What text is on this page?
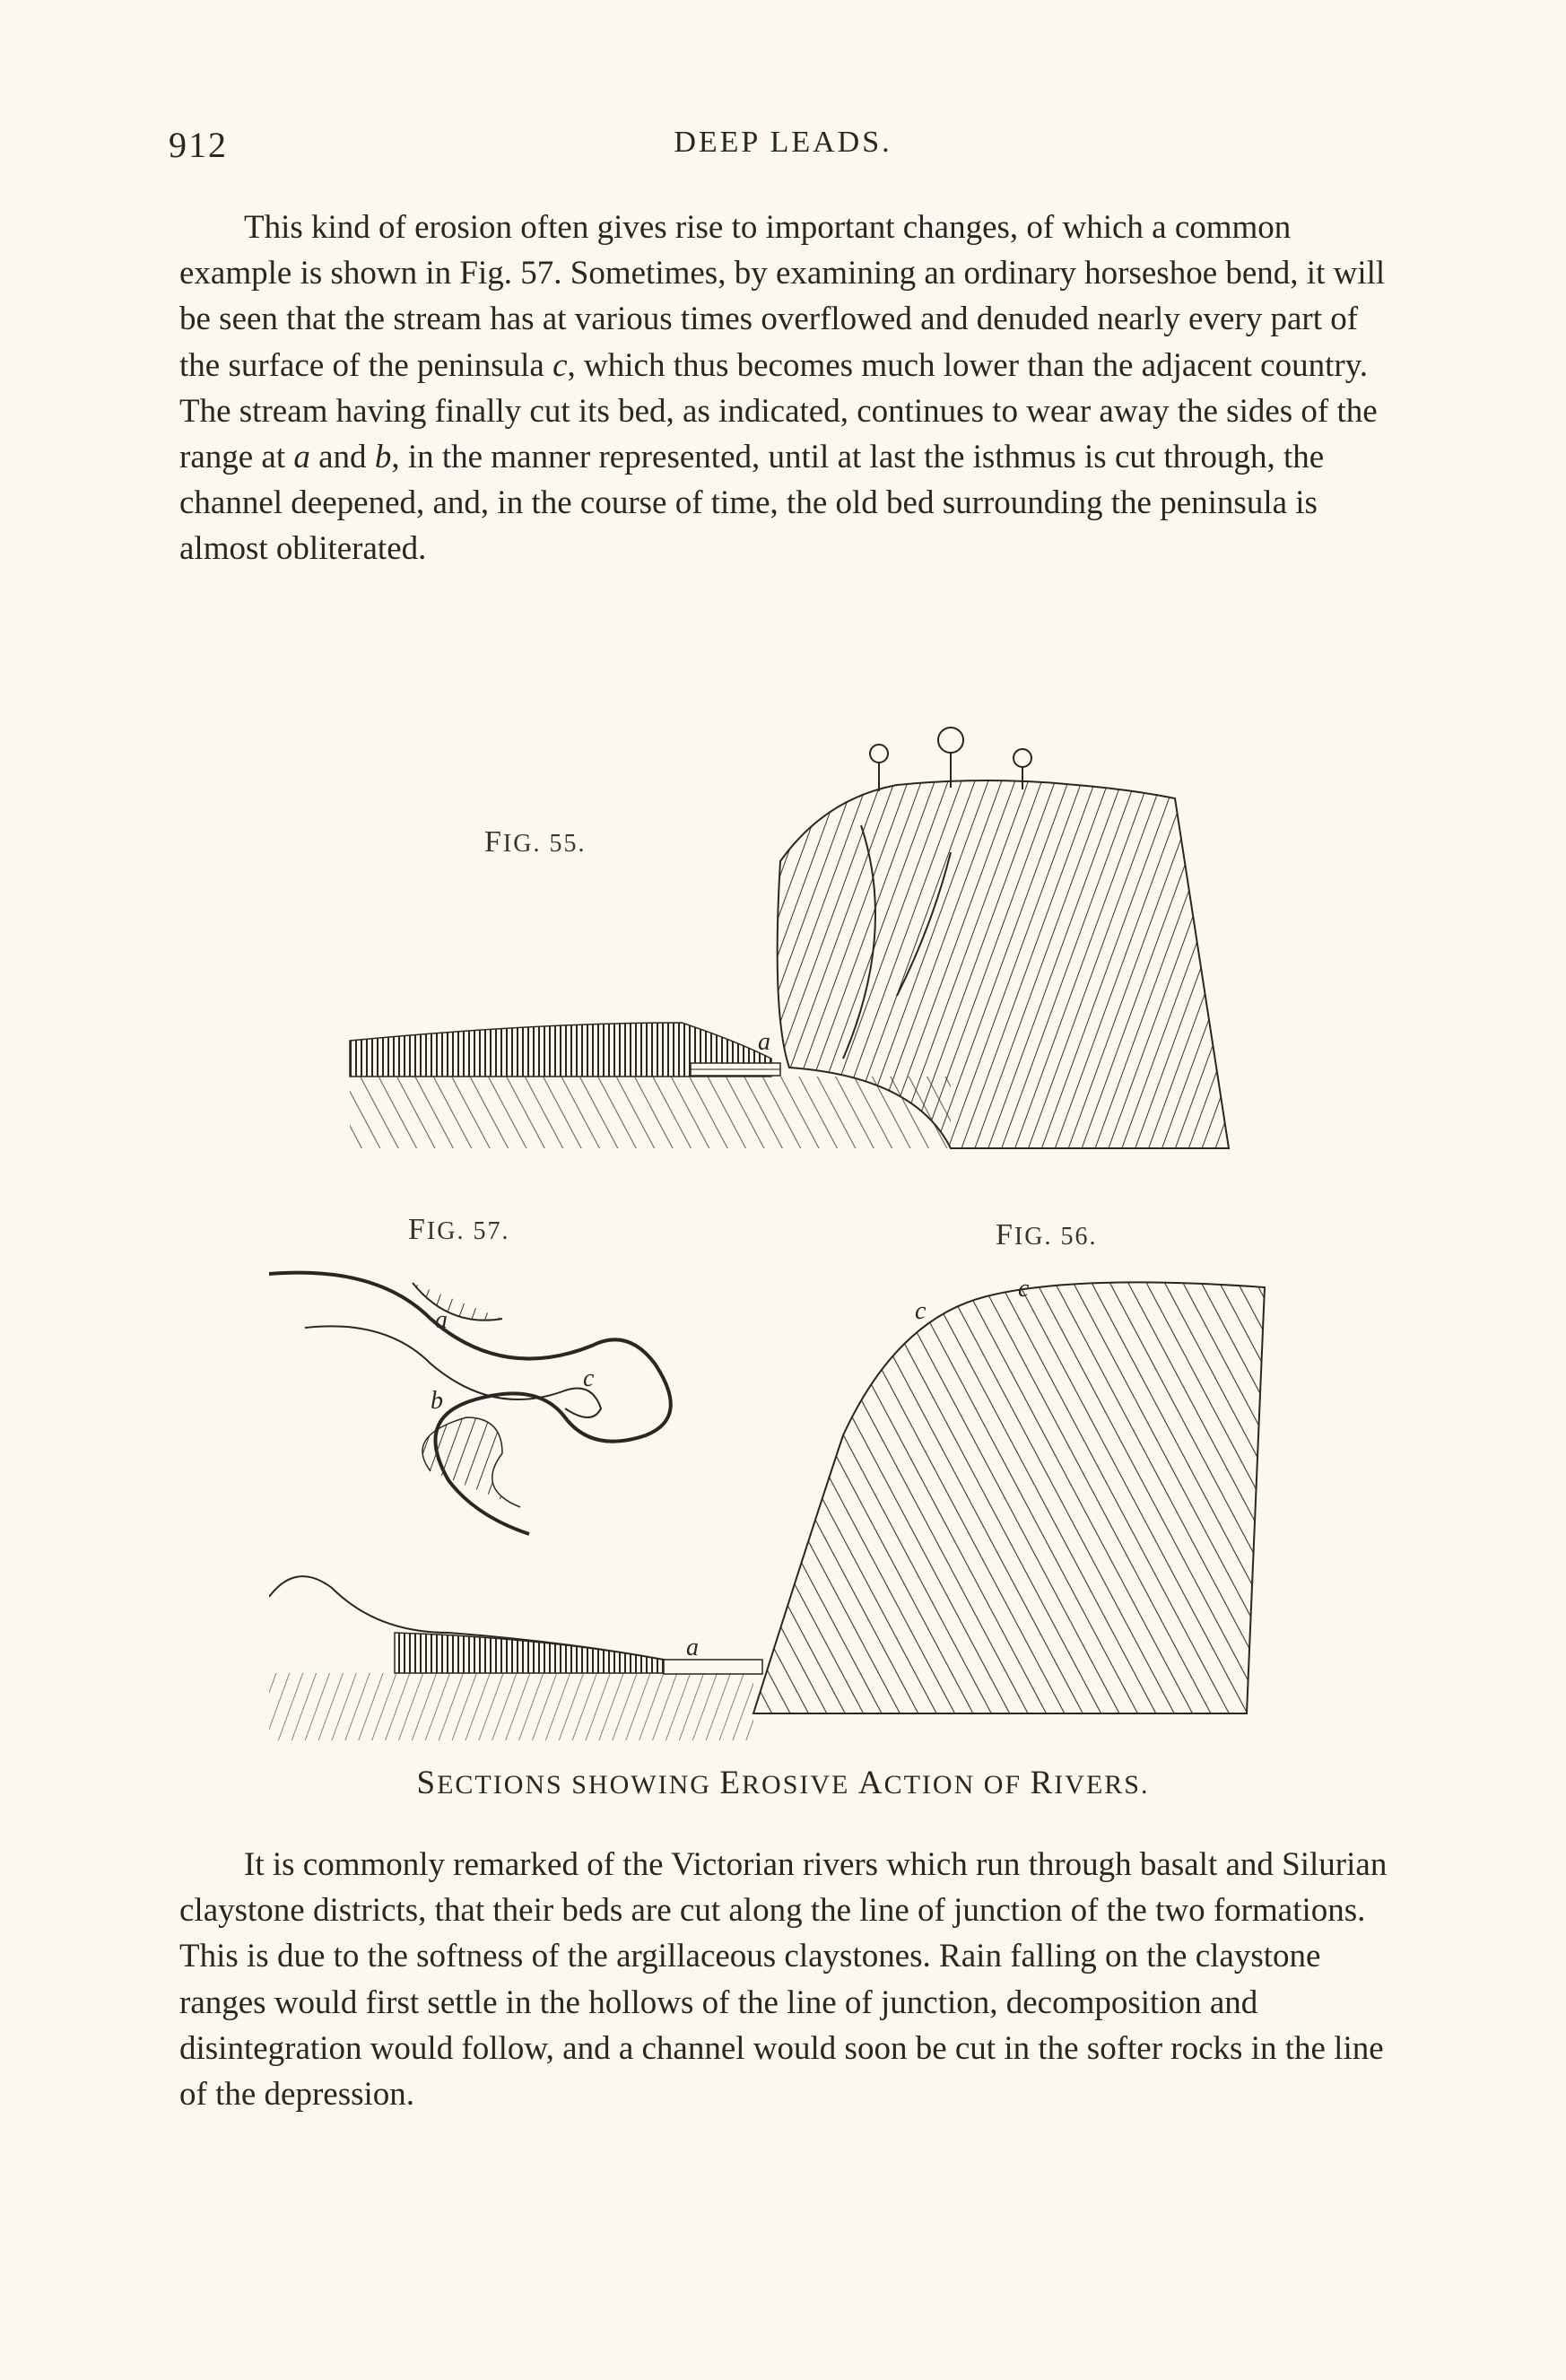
912	DEEP LEADS.

This kind of erosion often gives rise to important changes, of which a common example is shown in Fig. 57. Sometimes, by examining an ordinary horseshoe bend, it will be seen that the stream has at various times overflowed and denuded nearly every part of the surface of the peninsula c, which thus becomes much lower than the adjacent country. The stream having finally cut its bed, as indicated, continues to wear away the sides of the range at a and b, in the manner represented, until at last the isthmus is cut through, the channel deepened, and, in the course of time, the old bed surrounding the peninsula is almost obliterated.

FIG. 55.
FIG. 57.	FIG. 56.
a
a
b
c
a
c
c
SECTIONS SHOWING EROSIVE ACTION OF RIVERS.

It is commonly remarked of the Victorian rivers which run through basalt and Silurian claystone districts, that their beds are cut along the line of junction of the two formations. This is due to the softness of the argillaceous claystones. Rain falling on the claystone ranges would first settle in the hollows of the line of junction, decomposition and disintegration would follow, and a channel would soon be cut in the softer rocks in the line of the depression.
